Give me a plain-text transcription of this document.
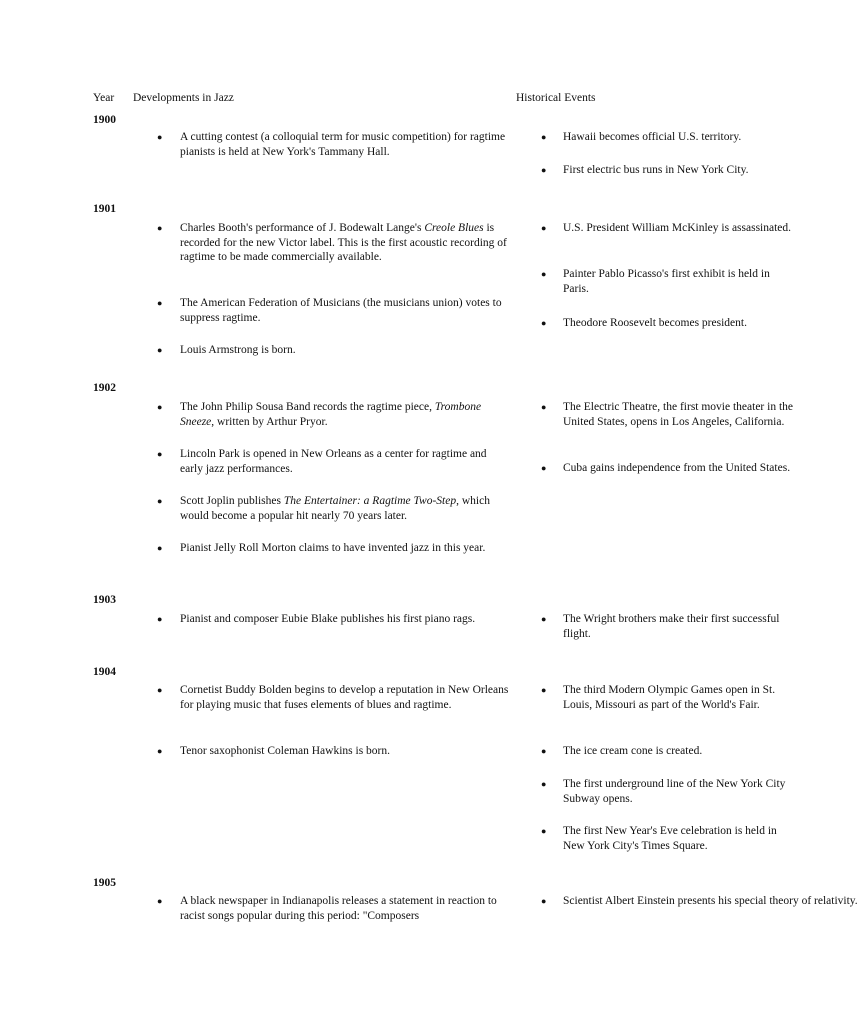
Year Developments in Jazz	Historical Events
1900
● A cutting contest (a colloquial term for music competition) for ragtime pianists is held at New York's Tammany Hall.
● Hawaii becomes official U.S. territory.
● First electric bus runs in New York City.
1901
● Charles Booth's performance of J. Bodewalt Lange's Creole Blues is recorded for the new Victor label. This is the first acoustic recording of ragtime to be made commercially available.
● The American Federation of Musicians (the musicians union) votes to suppress ragtime.
● Louis Armstrong is born.
● U.S. President William McKinley is assassinated.
● Painter Pablo Picasso's first exhibit is held in Paris.
● Theodore Roosevelt becomes president.
1902
● The John Philip Sousa Band records the ragtime piece, Trombone Sneeze, written by Arthur Pryor.
● Lincoln Park is opened in New Orleans as a center for ragtime and early jazz performances.
● Scott Joplin publishes The Entertainer: a Ragtime Two-Step, which would become a popular hit nearly 70 years later.
● Pianist Jelly Roll Morton claims to have invented jazz in this year.
● The Electric Theatre, the first movie theater in the United States, opens in Los Angeles, California.
● Cuba gains independence from the United States.
1903
● Pianist and composer Eubie Blake publishes his first piano rags.	● The Wright brothers make their first successful flight.
1904
● Cornetist Buddy Bolden begins to develop a reputation in New Orleans for playing music that fuses elements of blues and ragtime.
● Tenor saxophonist Coleman Hawkins is born.
● The third Modern Olympic Games open in St. Louis, Missouri as part of the World's Fair.
● The ice cream cone is created.
● The first underground line of the New York City Subway opens.
● The first New Year's Eve celebration is held in New York City's Times Square.
1905
● A black newspaper in Indianapolis releases a statement in reaction to racist songs popular during this period: "Composers
● Scientist Albert Einstein presents his special theory of relativity.
